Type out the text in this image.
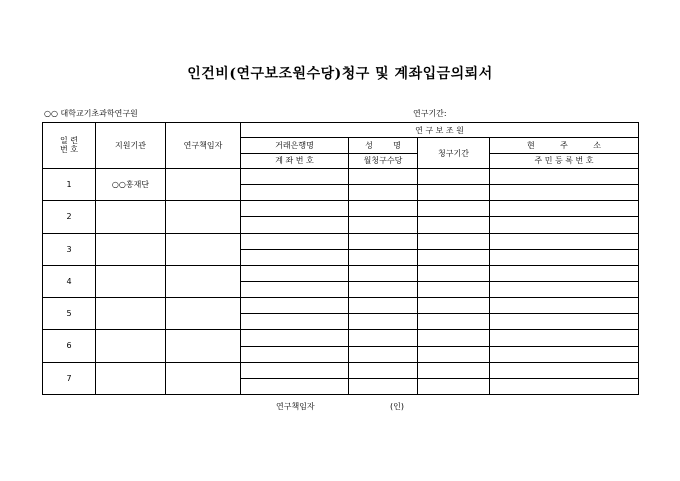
인건비(연구보조원수당)청구 및 계좌입금의뢰서
○○ 대학교기초과학연구원	연구기간:
일 련
번 호	지원기관	연구책임자	연 구 보 조 원			
			거래은행명	성        명	청구기간	현          주          소
			계 좌 번 호	월청구수당		주 민 등 록 번 호
1	○○홍재단					

2						

3						

4						

5						

6						

7						

연구책임자	(인)
